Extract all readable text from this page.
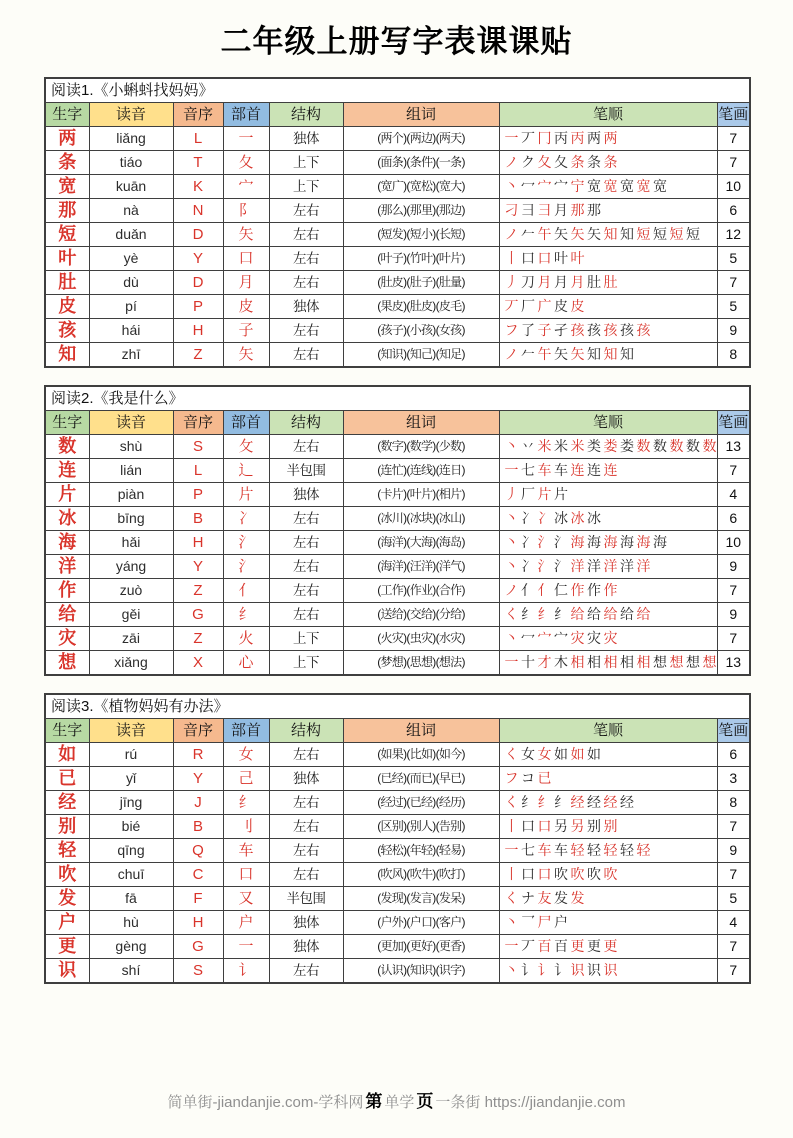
二年级上册写字表课课贴
阅读1.《小蝌蚪找妈妈》							
生字	读音	音序	部首	结构	组词	笔顺	笔画
两	liǎng	L	一	独体	(两个)(两边)(两天)	一 丆 冂 丙 丙 两 两	7
条	tiáo	T	夂	上下	(面条)(条件)(一条)	ノ ク 夂 夂 条 条 条	7
宽	kuān	K	宀	上下	(宽广)(宽松)(宽大)	丶 冖 宀 宀 宁 宽 宽 宽 宽 宽	10
那	nà	N	阝	左右	(那么)(那里)(那边)	刁 彐 彐 月 那 那	6
短	duǎn	D	矢	左右	(短发)(短小)(长短)	ノ 𠂉 午 矢 矢 矢 知 知 短 短 短 短	12
叶	yè	Y	口	左右	(叶子)(竹叶)(叶片)	丨 口 口 叶 叶	5
肚	dù	D	月	左右	(肚皮)(肚子)(肚量)	丿 刀 月 月 月 肚 肚	7
皮	pí	P	皮	独体	(果皮)(肚皮)(皮毛)	丆 厂 广 皮 皮	5
孩	hái	H	子	左右	(孩子)(小孩)(女孩)	フ 了 子 孑 孩 孩 孩 孩 孩	9
知	zhī	Z	矢	左右	(知识)(知己)(知足)	ノ 𠂉 午 矢 矢 知 知 知	8
阅读2.《我是什么》							
生字	读音	音序	部首	结构	组词	笔顺	笔画
数	shù	S	攵	左右	(数字)(数学)(少数)	丶 丷 米 米 米 类 娄 娄 数 数 数 数 数	13
连	lián	L	辶	半包围	(连忙)(连线)(连日)	一 七 车 车 连 连 连	7
片	piàn	P	片	独体	(卡片)(叶片)(相片)	丿 厂 片 片	4
冰	bīng	B	冫	左右	(冰川)(冰块)(冰山)	丶 冫 冫 冰 冰 冰	6
海	hǎi	H	氵	左右	(海洋)(大海)(海岛)	丶 冫 氵 氵 海 海 海 海 海 海	10
洋	yáng	Y	氵	左右	(海洋)(汪洋)(洋气)	丶 冫 氵 氵 洋 洋 洋 洋 洋	9
作	zuò	Z	亻	左右	(工作)(作业)(合作)	ノ 亻 亻 仁 作 作 作	7
给	gěi	G	纟	左右	(送给)(交给)(分给)	く 纟 纟 纟 给 给 给 给 给	9
灾	zāi	Z	火	上下	(火灾)(虫灾)(水灾)	丶 冖 宀 宀 灾 灾 灾	7
想	xiǎng	X	心	上下	(梦想)(思想)(想法)	一 十 才 木 相 相 相 相 相 想 想 想 想	13
阅读3.《植物妈妈有办法》							
生字	读音	音序	部首	结构	组词	笔顺	笔画
如	rú	R	女	左右	(如果)(比如)(如今)	く 女 女 如 如 如	6
已	yǐ	Y	己	独体	(已经)(而已)(早已)	フ コ 已	3
经	jīng	J	纟	左右	(经过)(已经)(经历)	く 纟 纟 纟 经 经 经 经	8
别	bié	B	刂	左右	(区别)(别人)(告别)	丨 口 口 另 另 别 别	7
轻	qīng	Q	车	左右	(轻松)(年轻)(轻易)	一 七 车 车 轻 轻 轻 轻 轻	9
吹	chuī	C	口	左右	(吹风)(吹牛)(吹打)	丨 口 口 吹 吹 吹 吹	7
发	fā	F	又	半包围	(发现)(发言)(发呆)	く ナ 友 发 发	5
户	hù	H	户	独体	(户外)(户口)(客户)	丶 乛 尸 户	4
更	gèng	G	一	独体	(更加)(更好)(更香)	一 丆 百 百 更 更 更	7
识	shí	S	讠	左右	(认识)(知识)(识字)	丶 讠 讠 讠 识 识 识	7
简单街-jiandanjie.com-学科网 第 单学 页 一条街 https://jiandanjie.com
